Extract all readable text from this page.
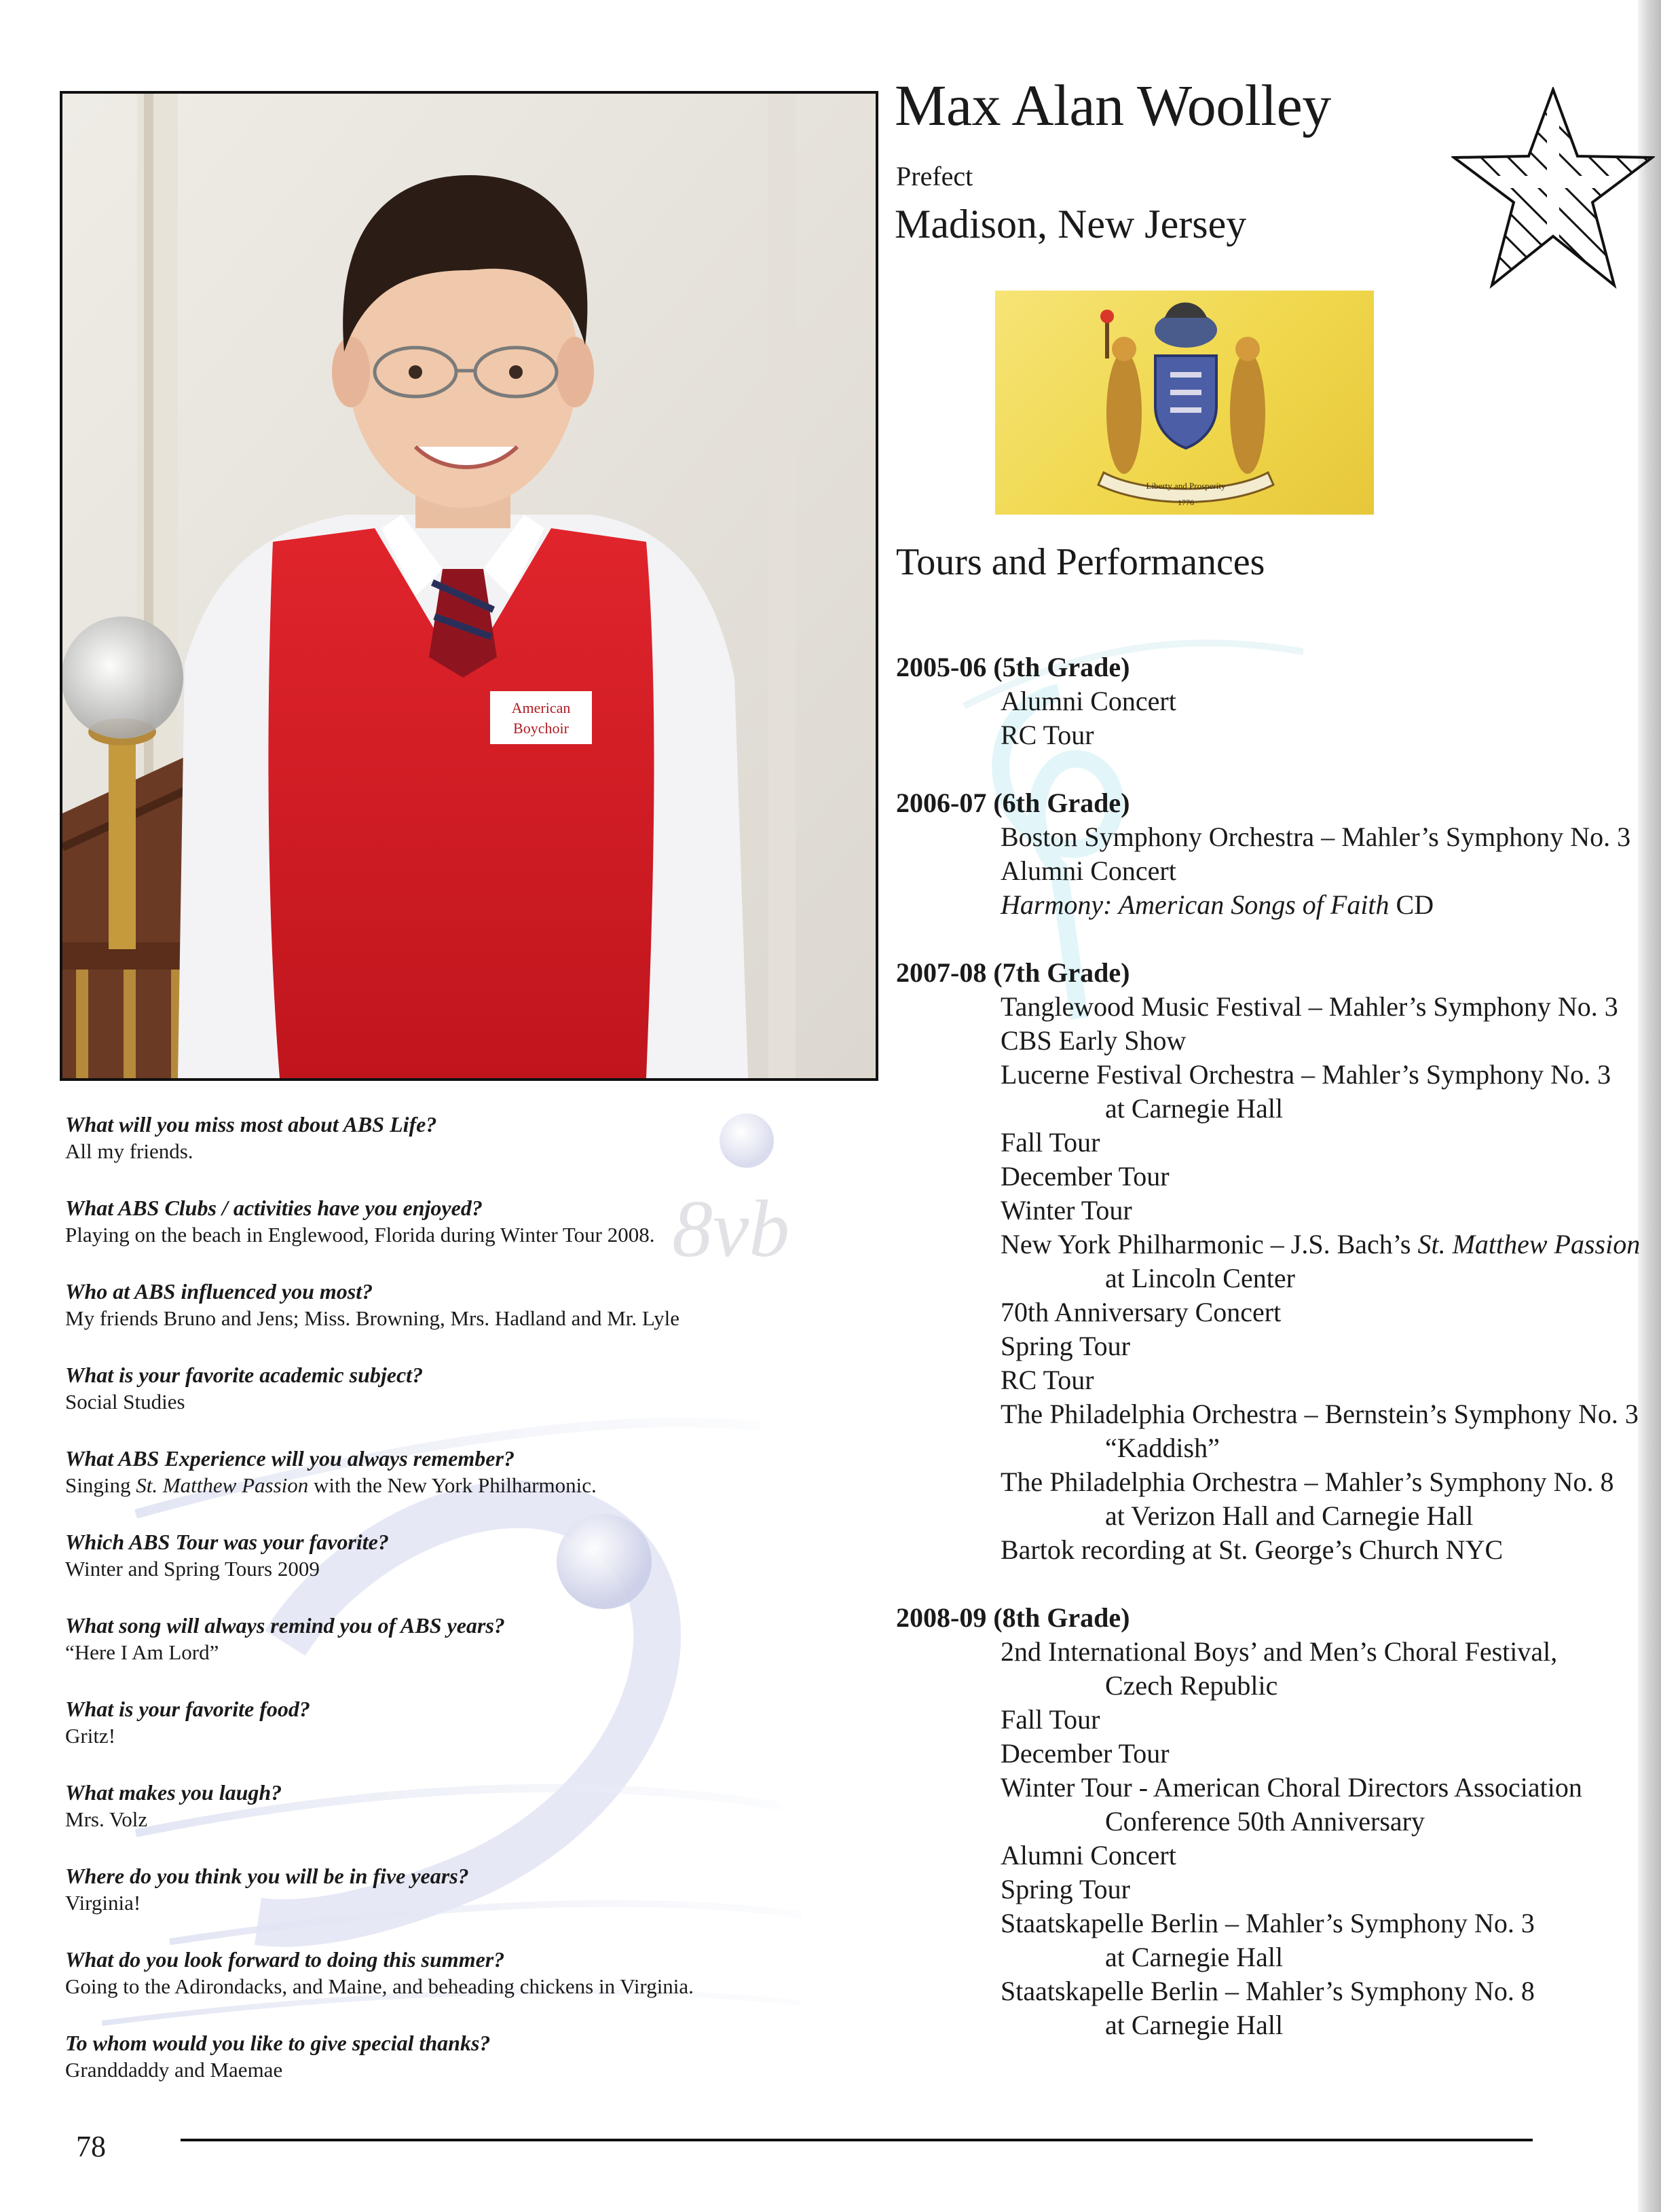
8vb
American
Boychoir
Max Alan Woolley
Prefect
Madison, New Jersey
Liberty and Prosperity
1776
Tours and Performances
2005-06 (5th Grade)
Alumni Concert
RC Tour
2006-07 (6th Grade)
Boston Symphony Orchestra – Mahler’s Symphony No. 3
Alumni Concert
Harmony: American Songs of Faith CD
2007-08 (7th Grade)
Tanglewood Music Festival – Mahler’s Symphony No. 3
CBS Early Show
Lucerne Festival Orchestra – Mahler’s Symphony No. 3
at Carnegie Hall
Fall Tour
December Tour
Winter Tour
New York Philharmonic – J.S. Bach’s St. Matthew Passion
at Lincoln Center
70th Anniversary Concert
Spring Tour
RC Tour
The Philadelphia Orchestra – Bernstein’s Symphony No. 3
“Kaddish”
The Philadelphia Orchestra – Mahler’s Symphony No. 8
at Verizon Hall and Carnegie Hall
Bartok recording at St. George’s Church NYC
2008-09 (8th Grade)
2nd International Boys’ and Men’s Choral Festival,
Czech Republic
Fall Tour
December Tour
Winter Tour - American Choral Directors Association
Conference 50th Anniversary
Alumni Concert
Spring Tour
Staatskapelle Berlin – Mahler’s Symphony No. 3
at Carnegie Hall
Staatskapelle Berlin – Mahler’s Symphony No. 8
at Carnegie Hall
What will you miss most about ABS Life?
All my friends.
What ABS Clubs / activities have you enjoyed?
Playing on the beach in Englewood, Florida during Winter Tour 2008.
Who at ABS influenced you most?
My friends Bruno and Jens; Miss. Browning, Mrs. Hadland and Mr. Lyle
What is your favorite academic subject?
Social Studies
What ABS Experience will you always remember?
Singing St. Matthew Passion with the New York Philharmonic.
Which ABS Tour was your favorite?
Winter and Spring Tours 2009
What song will always remind you of ABS years?
“Here I Am Lord”
What is your favorite food?
Gritz!
What makes you laugh?
Mrs. Volz
Where do you think you will be in five years?
Virginia!
What do you look forward to doing this summer?
Going to the Adirondacks, and Maine, and beheading chickens in Virginia.
To whom would you like to give special thanks?
Granddaddy and Maemae
78
